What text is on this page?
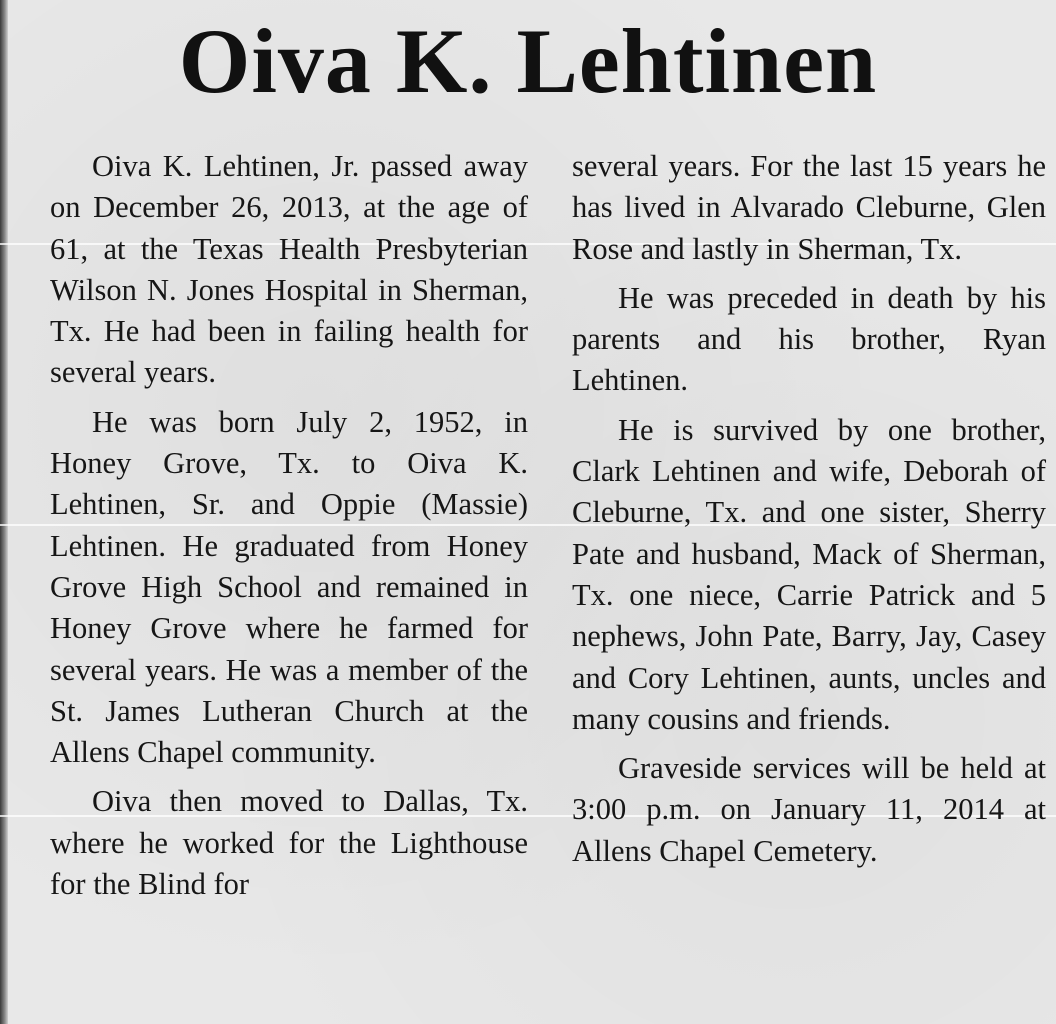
Oiva K. Lehtinen

Oiva K. Lehtinen, Jr. passed away on December 26, 2013, at the age of 61, at the Texas Health Presbyterian Wilson N. Jones Hospital in Sherman, Tx. He had been in failing health for several years.

He was born July 2, 1952, in Honey Grove, Tx. to Oiva K. Lehtinen, Sr. and Oppie (Massie) Lehtinen. He graduated from Honey Grove High School and remained in Honey Grove where he farmed for several years. He was a member of the St. James Lutheran Church at the Allens Chapel community.

Oiva then moved to Dallas, Tx. where he worked for the Lighthouse for the Blind for

several years. For the last 15 years he has lived in Alvarado Cleburne, Glen Rose and lastly in Sherman, Tx.

He was preceded in death by his parents and his brother, Ryan Lehtinen.

He is survived by one brother, Clark Lehtinen and wife, Deborah of Cleburne, Tx. and one sister, Sherry Pate and husband, Mack of Sherman, Tx. one niece, Carrie Patrick and 5 nephews, John Pate, Barry, Jay, Casey and Cory Lehtinen, aunts, uncles and many cousins and friends.

Graveside services will be held at 3:00 p.m. on January 11, 2014 at Allens Chapel Cemetery.
